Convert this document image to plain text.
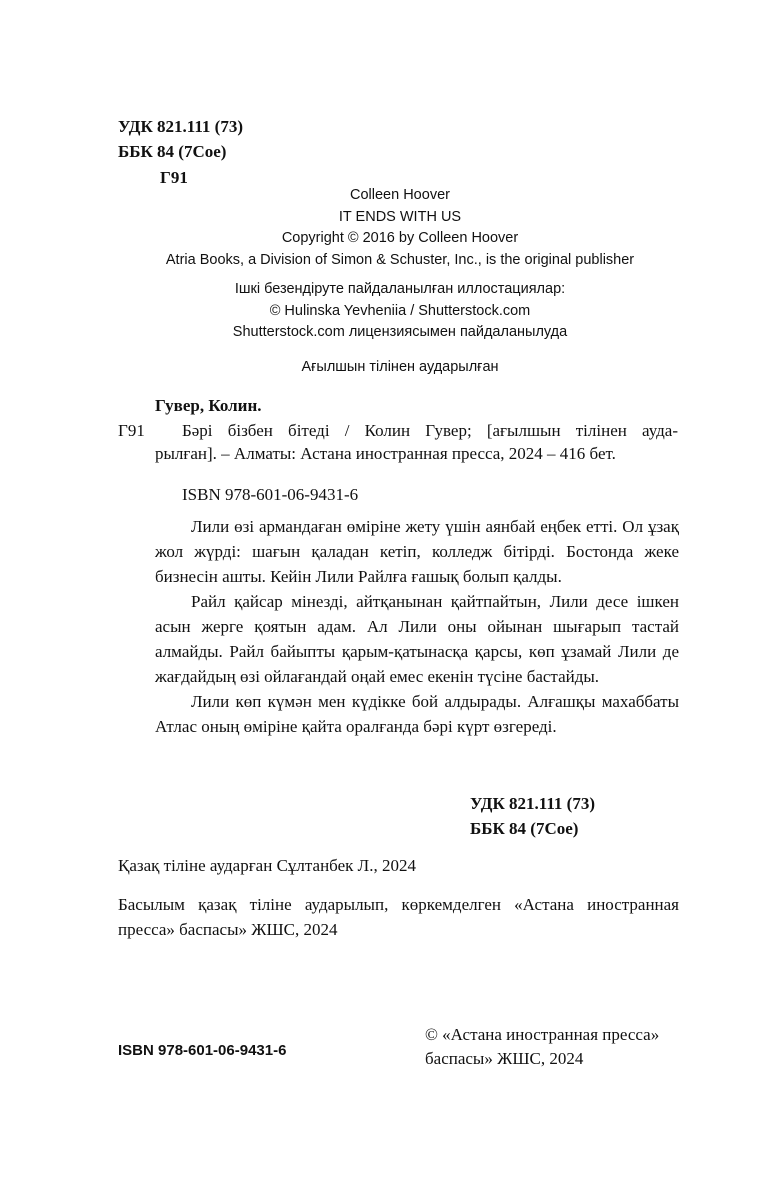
УДК 821.111 (73)
ББК 84 (7Сое)
Г91
Colleen Hoover
IT ENDS WITH US
Copyright © 2016 by Colleen Hoover
Atria Books, a Division of Simon & Schuster, Inc., is the original publisher
Ішкі безендіруте пайдаланылған иллостациялар:
© Hulinska Yevheniia / Shutterstock.com
Shutterstock.com лицензиясымен пайдаланылуда
Ағылшын тілінен аударылған
Гувер, Колин.
Г91 Бәрі бізбен бітеді / Колин Гувер; [ағылшын тілінен ауда-
рылған]. – Алматы: Астана иностранная пресса, 2024 – 416 бет.
ISBN 978-601-06-9431-6

Лили өзі армандаған өміріне жету үшін аянбай еңбек етті. Ол ұзақ жол жүрді: шағын қаладан кетіп, колледж бітірді. Бостонда жеке бизнесін ашты. Кейін Лили Райлға ғашық болып қалды.

Райл қайсар мінезді, айтқанынан қайтпайтын, Лили десе ішкен асын жерге қоятын адам. Ал Лили оны ойынан шығарып тастай алмайды. Райл байыпты қарым-қатынасқа қарсы, көп ұзамай Лили де жағдайдың өзі ойлағандай оңай емес екенін түсіне бастайды.

Лили көп күмән мен күдікке бой алдырады. Алғашқы махаббаты Атлас оның өміріне қайта оралғанда бәрі күрт өзгереді.

УДК 821.111 (73)
ББК 84 (7Сое)
Қазақ тіліне аударған Сұлтанбек Л., 2024

Басылым қазақ тіліне аударылып, көркемделген «Астана иностранная пресса» баспасы» ЖШС, 2024

ISBN 978-601-06-9431-6
© «Астана иностранная пресса»
баспасы» ЖШС, 2024
